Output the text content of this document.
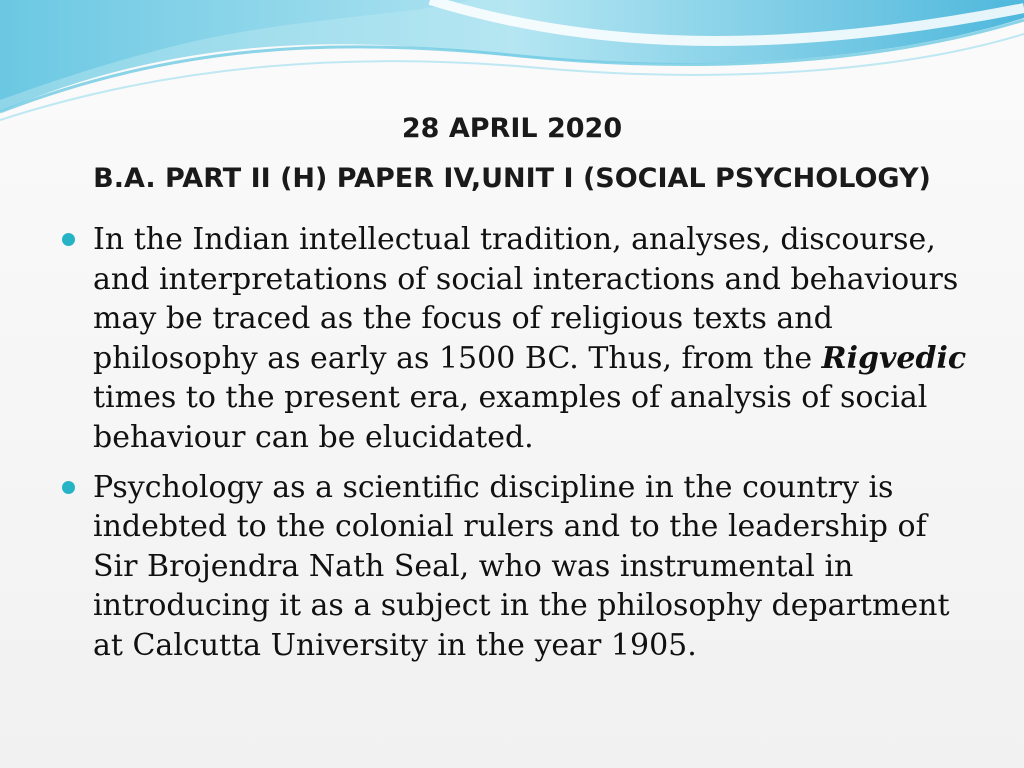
28 APRIL 2020
B.A. PART II (H) PAPER IV,UNIT I (SOCIAL PSYCHOLOGY)

In the Indian intellectual tradition, analyses, discourse, and interpretations of social interactions and behaviours may be traced as the focus of religious texts and philosophy as early as 1500 BC. Thus, from the Rigvedic times to the present era, examples of analysis of social behaviour can be elucidated.

Psychology as a scientific discipline in the country is indebted to the colonial rulers and to the leadership of Sir Brojendra Nath Seal, who was instrumental in introducing it as a subject in the philosophy department at Calcutta University in the year 1905.
